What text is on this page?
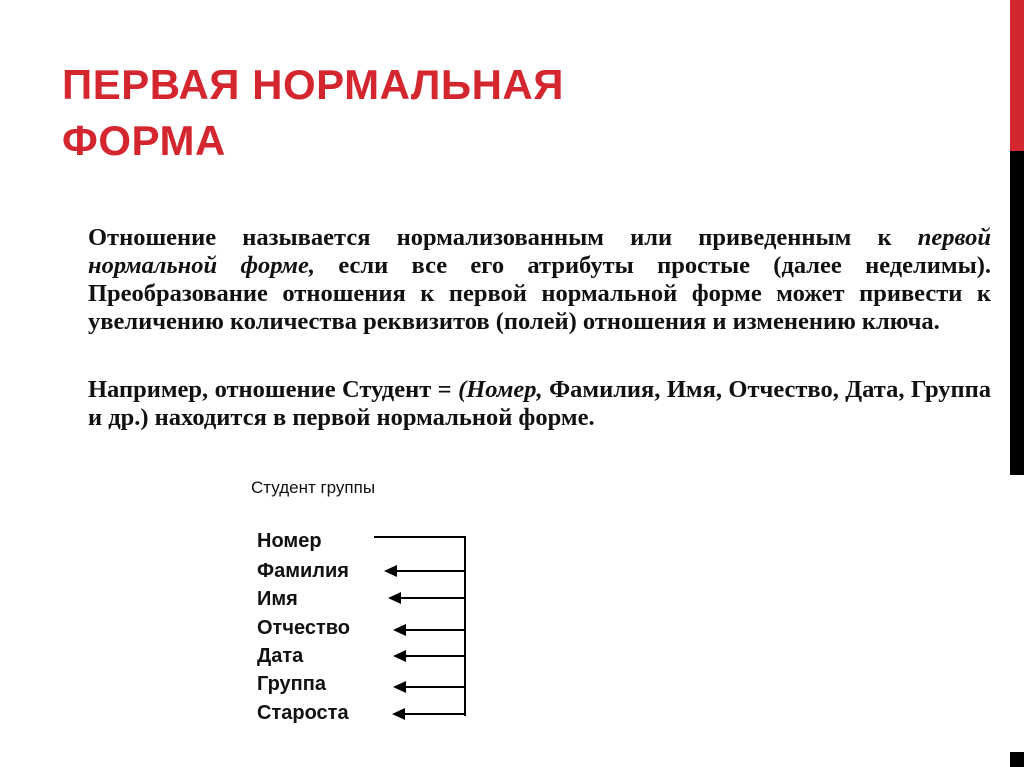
ПЕРВАЯ НОРМАЛЬНАЯ
ФОРМА

Отношение называется нормализованным или приведенным к первой нормальной форме, если все его атрибуты простые (далее неделимы). Преобразование отношения к первой нормальной форме может привести к увеличению количества реквизитов (полей) отношения и изменению ключа.

Например, отношение Студент = (Номер, Фамилия, Имя, Отчество, Дата, Группа и др.) находится в первой нормальной форме.

Студент группы
Номер
Фамилия
Имя
Отчество
Дата
Группа
Староста
